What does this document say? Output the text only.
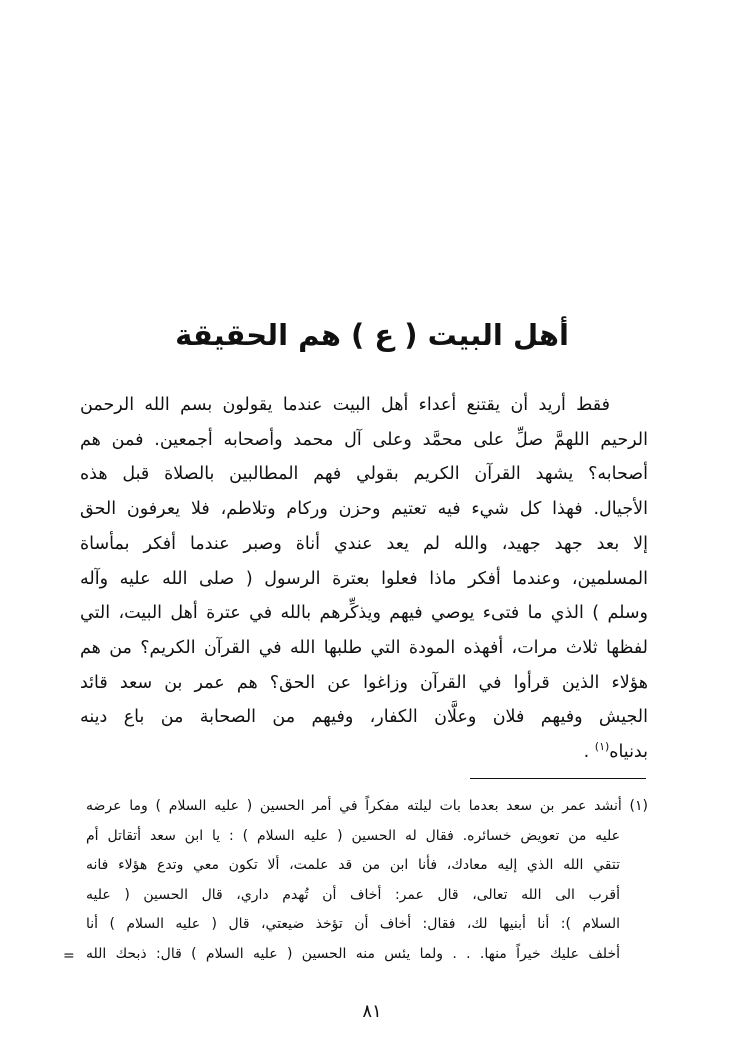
أهل البيت ( ع ) هم الحقيقة
فقط أريد أن يقتنع أعداء أهل البيت عندما يقولون بسم الله الرحمن
الرحيم اللهمَّ صلِّ على محمَّد وعلى آل محمد وأصحابه أجمعين. فمن هم
أصحابه؟ يشهد القرآن الكريم بقولي فهم المطالبين بالصلاة قبل هذه
الأجيال. فهذا كل شيء فيه تعتيم وحزن وركام وتلاطم، فلا يعرفون الحق
إلا بعد جهد جهيد، والله لم يعد عندي أناة وصبر عندما أفكر بمأساة
المسلمين، وعندما أفكر ماذا فعلوا بعترة الرسول ( صلى الله عليه وآله
وسلم ) الذي ما فتىء يوصي فيهم ويذكِّرهم بالله في عترة أهل البيت، التي
لفظها ثلاث مرات، أفهذه المودة التي طلبها الله في القرآن الكريم؟ من هم
هؤلاء الذين قرأوا في القرآن وزاغوا عن الحق؟ هم عمر بن سعد قائد
الجيش وفيهم فلان وعلَّان الكفار، وفيهم من الصحابة من باع دينه
بدنياه$^{(١)}$ .
(١) أنشد عمر بن سعد بعدما بات ليلته مفكراً في أمر الحسين ( عليه السلام ) وما عرضه
عليه من تعويض خسائره. فقال له الحسين ( عليه السلام ) : يا ابن سعد أتقاتل أم
تتقي الله الذي إليه معادك، فأنا ابن من قد علمت، ألا تكون معي وتدع هؤلاء فانه
أقرب الى الله تعالى، قال عمر: أخاف أن تُهدم داري، قال الحسين ( عليه
السلام ): أنا أبنيها لك، فقال: أخاف أن تؤخذ ضيعتي، قال ( عليه السلام ) أنا
أخلف عليك خيراً منها. . . ولما يئس منه الحسين ( عليه السلام ) قال: ذبحك الله
=
٨١
